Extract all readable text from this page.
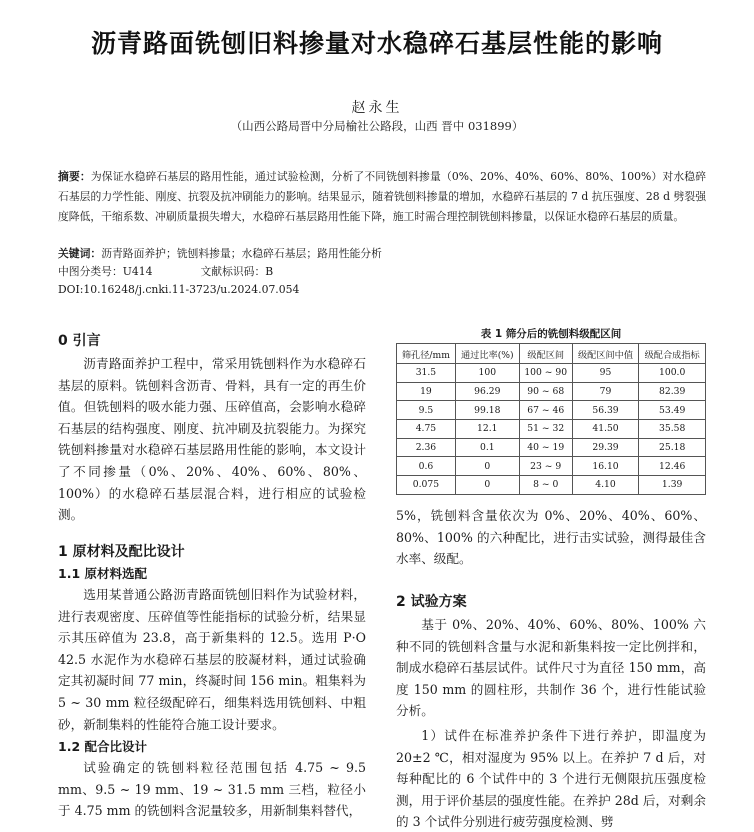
沥青路面铣刨旧料掺量对水稳碎石基层性能的影响
赵永生
（山西公路局晋中分局榆社公路段，山西 晋中 031899）
摘要：为保证水稳碎石基层的路用性能，通过试验检测，分析了不同铣刨料掺量（0%、20%、40%、60%、80%、100%）对水稳碎石基层的力学性能、刚度、抗裂及抗冲刷能力的影响。结果显示，随着铣刨料掺量的增加，水稳碎石基层的 7 d 抗压强度、28 d 劈裂强度降低，干缩系数、冲刷质量损失增大，水稳碎石基层路用性能下降，施工时需合理控制铣刨料掺量，以保证水稳碎石基层的质量。
关键词：沥青路面养护；铣刨料掺量；水稳碎石基层；路用性能分析
中图分类号：U414	文献标识码：B
DOI:10.16248/j.cnki.11-3723/u.2024.07.054
0 引言
沥青路面养护工程中，常采用铣刨料作为水稳碎石基层的原料。铣刨料含沥青、骨料，具有一定的再生价值。但铣刨料的吸水能力强、压碎值高，会影响水稳碎石基层的结构强度、刚度、抗冲刷及抗裂能力。为探究铣刨料掺量对水稳碎石基层路用性能的影响，本文设计了不同掺量（0%、20%、40%、60%、80%、100%）的水稳碎石基层混合料，进行相应的试验检测。
1 原材料及配比设计
1.1 原材料选配
选用某普通公路沥青路面铣刨旧料作为试验材料，进行表观密度、压碎值等性能指标的试验分析，结果显示其压碎值为 23.8，高于新集料的 12.5。选用 P·O 42.5 水泥作为水稳碎石基层的胶凝材料，通过试验确定其初凝时间 77 min，终凝时间 156 min。粗集料为 5 ~ 30 mm 粒径级配碎石，细集料选用铣刨料、中粗砂，新制集料的性能符合施工设计要求。
1.2 配合比设计
试验确定的铣刨料粒径范围包括 4.75 ~ 9.5 mm、9.5 ~ 19 mm、19 ~ 31.5 mm 三档，粒径小于 4.75 mm 的铣刨料含泥量较多，用新制集料替代，
表 1 筛分后的铣刨料级配区间
筛孔径/mm	通过比率(%)	级配区间	级配区间中值	级配合成指标
31.5	100	100 ~ 90	95	100.0
19	96.29	90 ~ 68	79	82.39
9.5	99.18	67 ~ 46	56.39	53.49
4.75	12.1	51 ~ 32	41.50	35.58
2.36	0.1	40 ~ 19	29.39	25.18
0.6	0	23 ~ 9	16.10	12.46
0.075	0	8 ~ 0	4.10	1.39
5%，铣刨料含量依次为 0%、20%、40%、60%、80%、100% 的六种配比，进行击实试验，测得最佳含水率、级配。
2 试验方案
基于 0%、20%、40%、60%、80%、100% 六种不同的铣刨料含量与水泥和新集料按一定比例拌和，制成水稳碎石基层试件。试件尺寸为直径 150 mm，高度 150 mm 的圆柱形，共制作 36 个，进行性能试验分析。
1）试件在标准养护条件下进行养护，即温度为 20±2 ℃，相对湿度为 95% 以上。在养护 7 d 后，对每种配比的 6 个试件中的 3 个进行无侧限抗压强度检测，用于评价基层的强度性能。在养护 28d 后，对剩余的 3 个试件分别进行疲劳强度检测、劈
